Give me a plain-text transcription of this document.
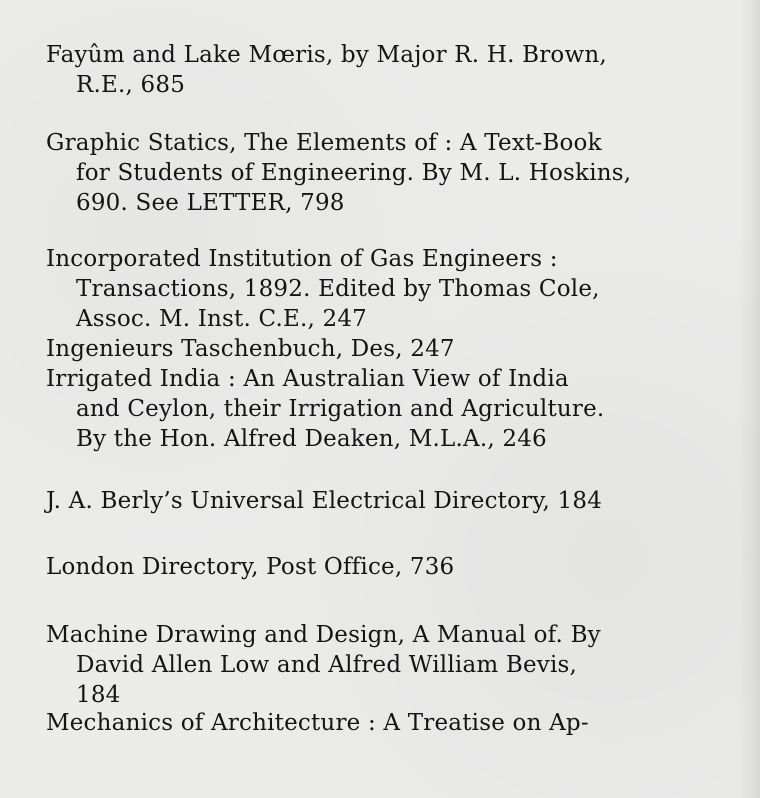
Fayûm and Lake Mœris, by Major R. H. Brown,
R.E., 685
Graphic Statics, The Elements of : A Text-Book
for Students of Engineering. By M. L. Hoskins,
690. See LETTER, 798
Incorporated Institution of Gas Engineers :
Transactions, 1892. Edited by Thomas Cole,
Assoc. M. Inst. C.E., 247
Ingenieurs Taschenbuch, Des, 247
Irrigated India : An Australian View of India
and Ceylon, their Irrigation and Agriculture.
By the Hon. Alfred Deaken, M.L.A., 246
J. A. Berly’s Universal Electrical Directory, 184
London Directory, Post Office, 736
Machine Drawing and Design, A Manual of. By
David Allen Low and Alfred William Bevis,
184
Mechanics of Architecture : A Treatise on Ap-
